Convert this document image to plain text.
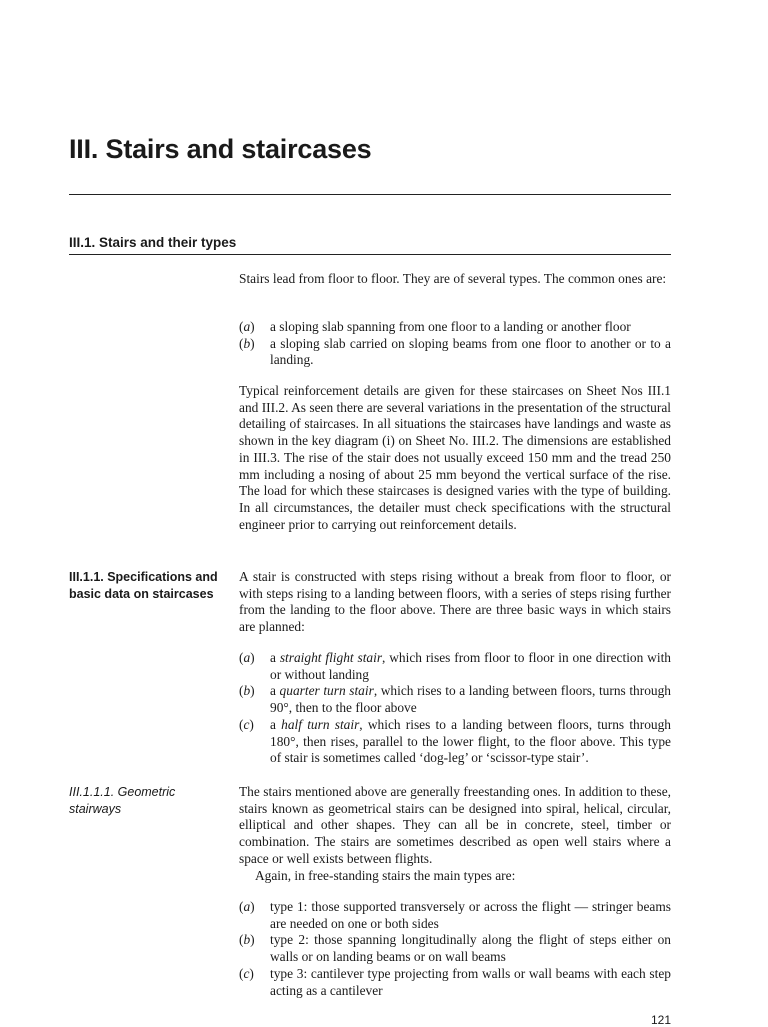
III. Stairs and staircases
III.1. Stairs and their types

Stairs lead from floor to floor. They are of several types. The common ones are:

(a) a sloping slab spanning from one floor to a landing or another floor
(b) a sloping slab carried on sloping beams from one floor to another or to a landing.

Typical reinforcement details are given for these staircases on Sheet Nos III.1 and III.2. As seen there are several variations in the presentation of the structural detailing of staircases. In all situations the staircases have landings and waste as shown in the key diagram (i) on Sheet No. III.2. The dimensions are established in III.3. The rise of the stair does not usually exceed 150 mm and the tread 250 mm including a nosing of about 25 mm beyond the vertical surface of the rise. The load for which these staircases is designed varies with the type of building. In all circumstances, the detailer must check specifications with the structural engineer prior to carrying out reinforcement details.

III.1.1. Specifications and basic data on staircases

A stair is constructed with steps rising without a break from floor to floor, or with steps rising to a landing between floors, with a series of steps rising further from the landing to the floor above. There are three basic ways in which stairs are planned:

(a) a straight flight stair, which rises from floor to floor in one direction with or without landing
(b) a quarter turn stair, which rises to a landing between floors, turns through 90°, then to the floor above
(c) a half turn stair, which rises to a landing between floors, turns through 180°, then rises, parallel to the lower flight, to the floor above. This type of stair is sometimes called ‘dog-leg’ or ‘scissor-type stair’.

III.1.1.1. Geometric stairways

The stairs mentioned above are generally freestanding ones. In addition to these, stairs known as geometrical stairs can be designed into spiral, helical, circular, elliptical and other shapes. They can all be in concrete, steel, timber or combination. The stairs are sometimes described as open well stairs where a space or well exists between flights.

Again, in free-standing stairs the main types are:

(a) type 1: those supported transversely or across the flight — stringer beams are needed on one or both sides
(b) type 2: those spanning longitudinally along the flight of steps either on walls or on landing beams or on wall beams
(c) type 3: cantilever type projecting from walls or wall beams with each step acting as a cantilever

121
